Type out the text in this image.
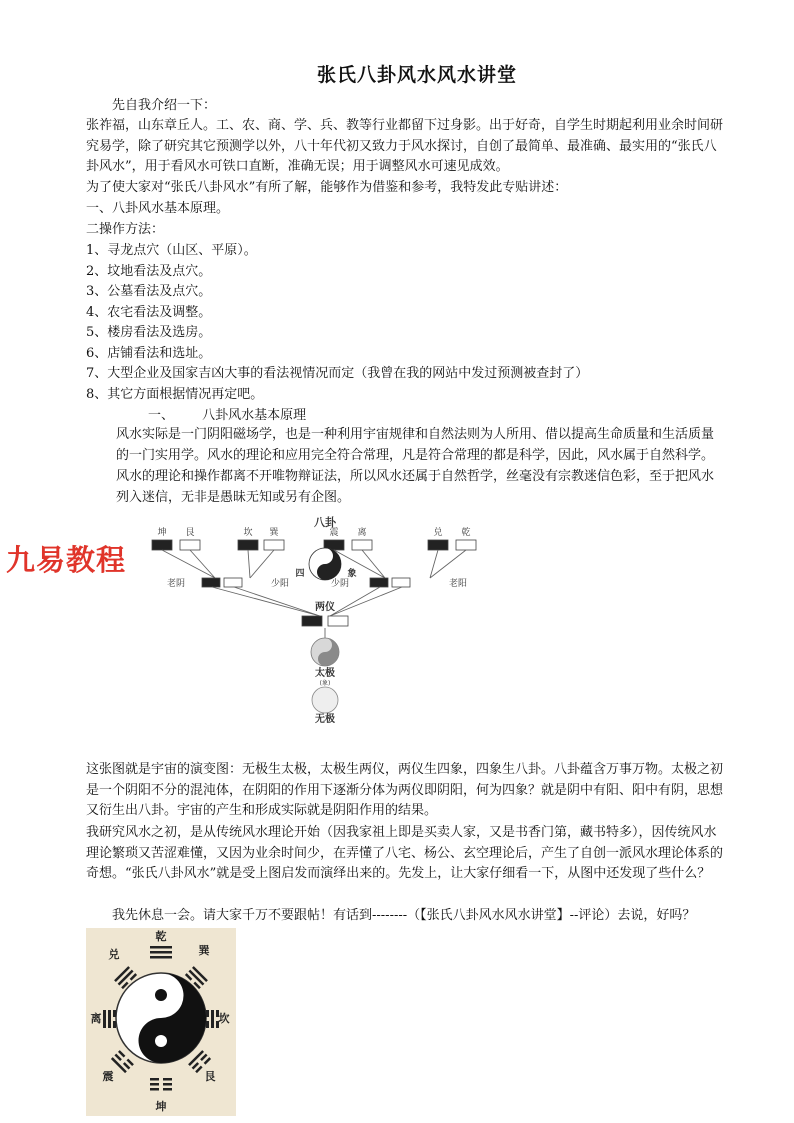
张氏八卦风水风水讲堂

先自我介绍一下：

张祚福，山东章丘人。工、农、商、学、兵、教等行业都留下过身影。出于好奇，自学生时期起利用业余时间研究易学，除了研究其它预测学以外，八十年代初又致力于风水探讨，自创了最简单、最准确、最实用的“张氏八卦风水”，用于看风水可铁口直断，准确无误；用于调整风水可速见成效。

为了使大家对“张氏八卦风水”有所了解，能够作为借鉴和参考，我特发此专贴讲述：

一、八卦风水基本原理。

二操作方法：

1、寻龙点穴（山区、平原）。
2、坟地看法及点穴。
3、公墓看法及点穴。
4、农宅看法及调整。
5、楼房看法及选房。
6、店铺看法和选址。
7、大型企业及国家吉凶大事的看法视情况而定（我曾在我的网站中发过预测被查封了）
8、其它方面根据情况再定吧。
一、 八卦风水基本原理

风水实际是一门阴阳磁场学，也是一种利用宇宙规律和自然法则为人所用、借以提高生命质量和生活质量的一门实用学。风水的理论和应用完全符合常理，凡是符合常理的都是科学，因此，风水属于自然科学。风水的理论和操作都离不开唯物辩证法，所以风水还属于自然哲学，丝毫没有宗教迷信色彩，至于把风水列入迷信，无非是愚昧无知或另有企图。

九易教程
八卦
坤 艮	坎 巽	震 离	兑 乾
四	象
老阴	少阳	少阴	老阳
两仪
太极
(象)
无极

这张图就是宇宙的演变图：无极生太极，太极生两仪，两仪生四象，四象生八卦。八卦蕴含万事万物。太极之初是一个阴阳不分的混沌体，在阴阳的作用下逐渐分体为两仪即阴阳，何为四象？就是阴中有阳、阳中有阴，思想又衍生出八卦。宇宙的产生和形成实际就是阴阳作用的结果。

我研究风水之初，是从传统风水理论开始（因我家祖上即是买卖人家，又是书香门第，藏书特多），因传统风水理论繁琐又苦涩难懂，又因为业余时间少，在弄懂了八宅、杨公、玄空理论后，产生了自创一派风水理论体系的奇想。“张氏八卦风水”就是受上图启发而演绎出来的。先发上，让大家仔细看一下，从图中还发现了些什么？

我先休息一会。请大家千万不要跟帖！有话到--------（【张氏八卦风水风水讲堂】--评论）去说，好吗？

乾
巽
坎
艮
坤
震
离
兑
